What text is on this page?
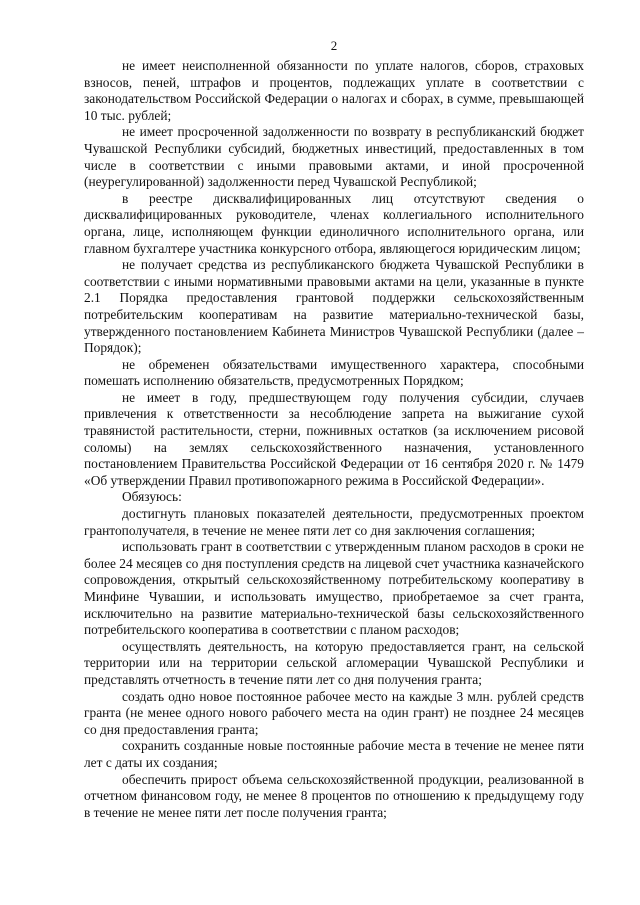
2

не имеет неисполненной обязанности по уплате налогов, сборов, страховых взносов, пеней, штрафов и процентов, подлежащих уплате в соответствии с законодательством Российской Федерации о налогах и сборах, в сумме, превышающей 10 тыс. рублей;

не имеет просроченной задолженности по возврату в республиканский бюджет Чувашской Республики субсидий, бюджетных инвестиций, предоставленных в том числе в соответствии с иными правовыми актами, и иной просроченной (неурегулированной) задолженности перед Чувашской Республикой;

в реестре дисквалифицированных лиц отсутствуют сведения о дисквалифицированных руководителе, членах коллегиального исполнительного органа, лице, исполняющем функции единоличного исполнительного органа, или главном бухгалтере участника конкурсного отбора, являющегося юридическим лицом;

не получает средства из республиканского бюджета Чувашской Республики в соответствии с иными нормативными правовыми актами на цели, указанные в пункте 2.1 Порядка предоставления грантовой поддержки сельскохозяйственным потребительским кооперативам на развитие материально-технической базы, утвержденного постановлением Кабинета Министров Чувашской Республики (далее – Порядок);

не обременен обязательствами имущественного характера, способными помешать исполнению обязательств, предусмотренных Порядком;

не имеет в году, предшествующем году получения субсидии, случаев привлечения к ответственности за несоблюдение запрета на выжигание сухой травянистой растительности, стерни, пожнивных остатков (за исключением рисовой соломы) на землях сельскохозяйственного назначения, установленного постановлением Правительства Российской Федерации от 16 сентября 2020 г. № 1479 «Об утверждении Правил противопожарного режима в Российской Федерации».

Обязуюсь:

достигнуть плановых показателей деятельности, предусмотренных проектом грантополучателя, в течение не менее пяти лет со дня заключения соглашения;

использовать грант в соответствии с утвержденным планом расходов в сроки не более 24 месяцев со дня поступления средств на лицевой счет участника казначейского сопровождения, открытый сельскохозяйственному потребительскому кооперативу в Минфине Чувашии, и использовать имущество, приобретаемое за счет гранта, исключительно на развитие материально-технической базы сельскохозяйственного потребительского кооператива в соответствии с планом расходов;

осуществлять деятельность, на которую предоставляется грант, на сельской территории или на территории сельской агломерации Чувашской Республики и представлять отчетность в течение пяти лет со дня получения гранта;

создать одно новое постоянное рабочее место на каждые 3 млн. рублей средств гранта (не менее одного нового рабочего места на один грант) не позднее 24 месяцев со дня предоставления гранта;

сохранить созданные новые постоянные рабочие места в течение не менее пяти лет с даты их создания;

обеспечить прирост объема сельскохозяйственной продукции, реализованной в отчетном финансовом году, не менее 8 процентов по отношению к предыдущему году в течение не менее пяти лет после получения гранта;
